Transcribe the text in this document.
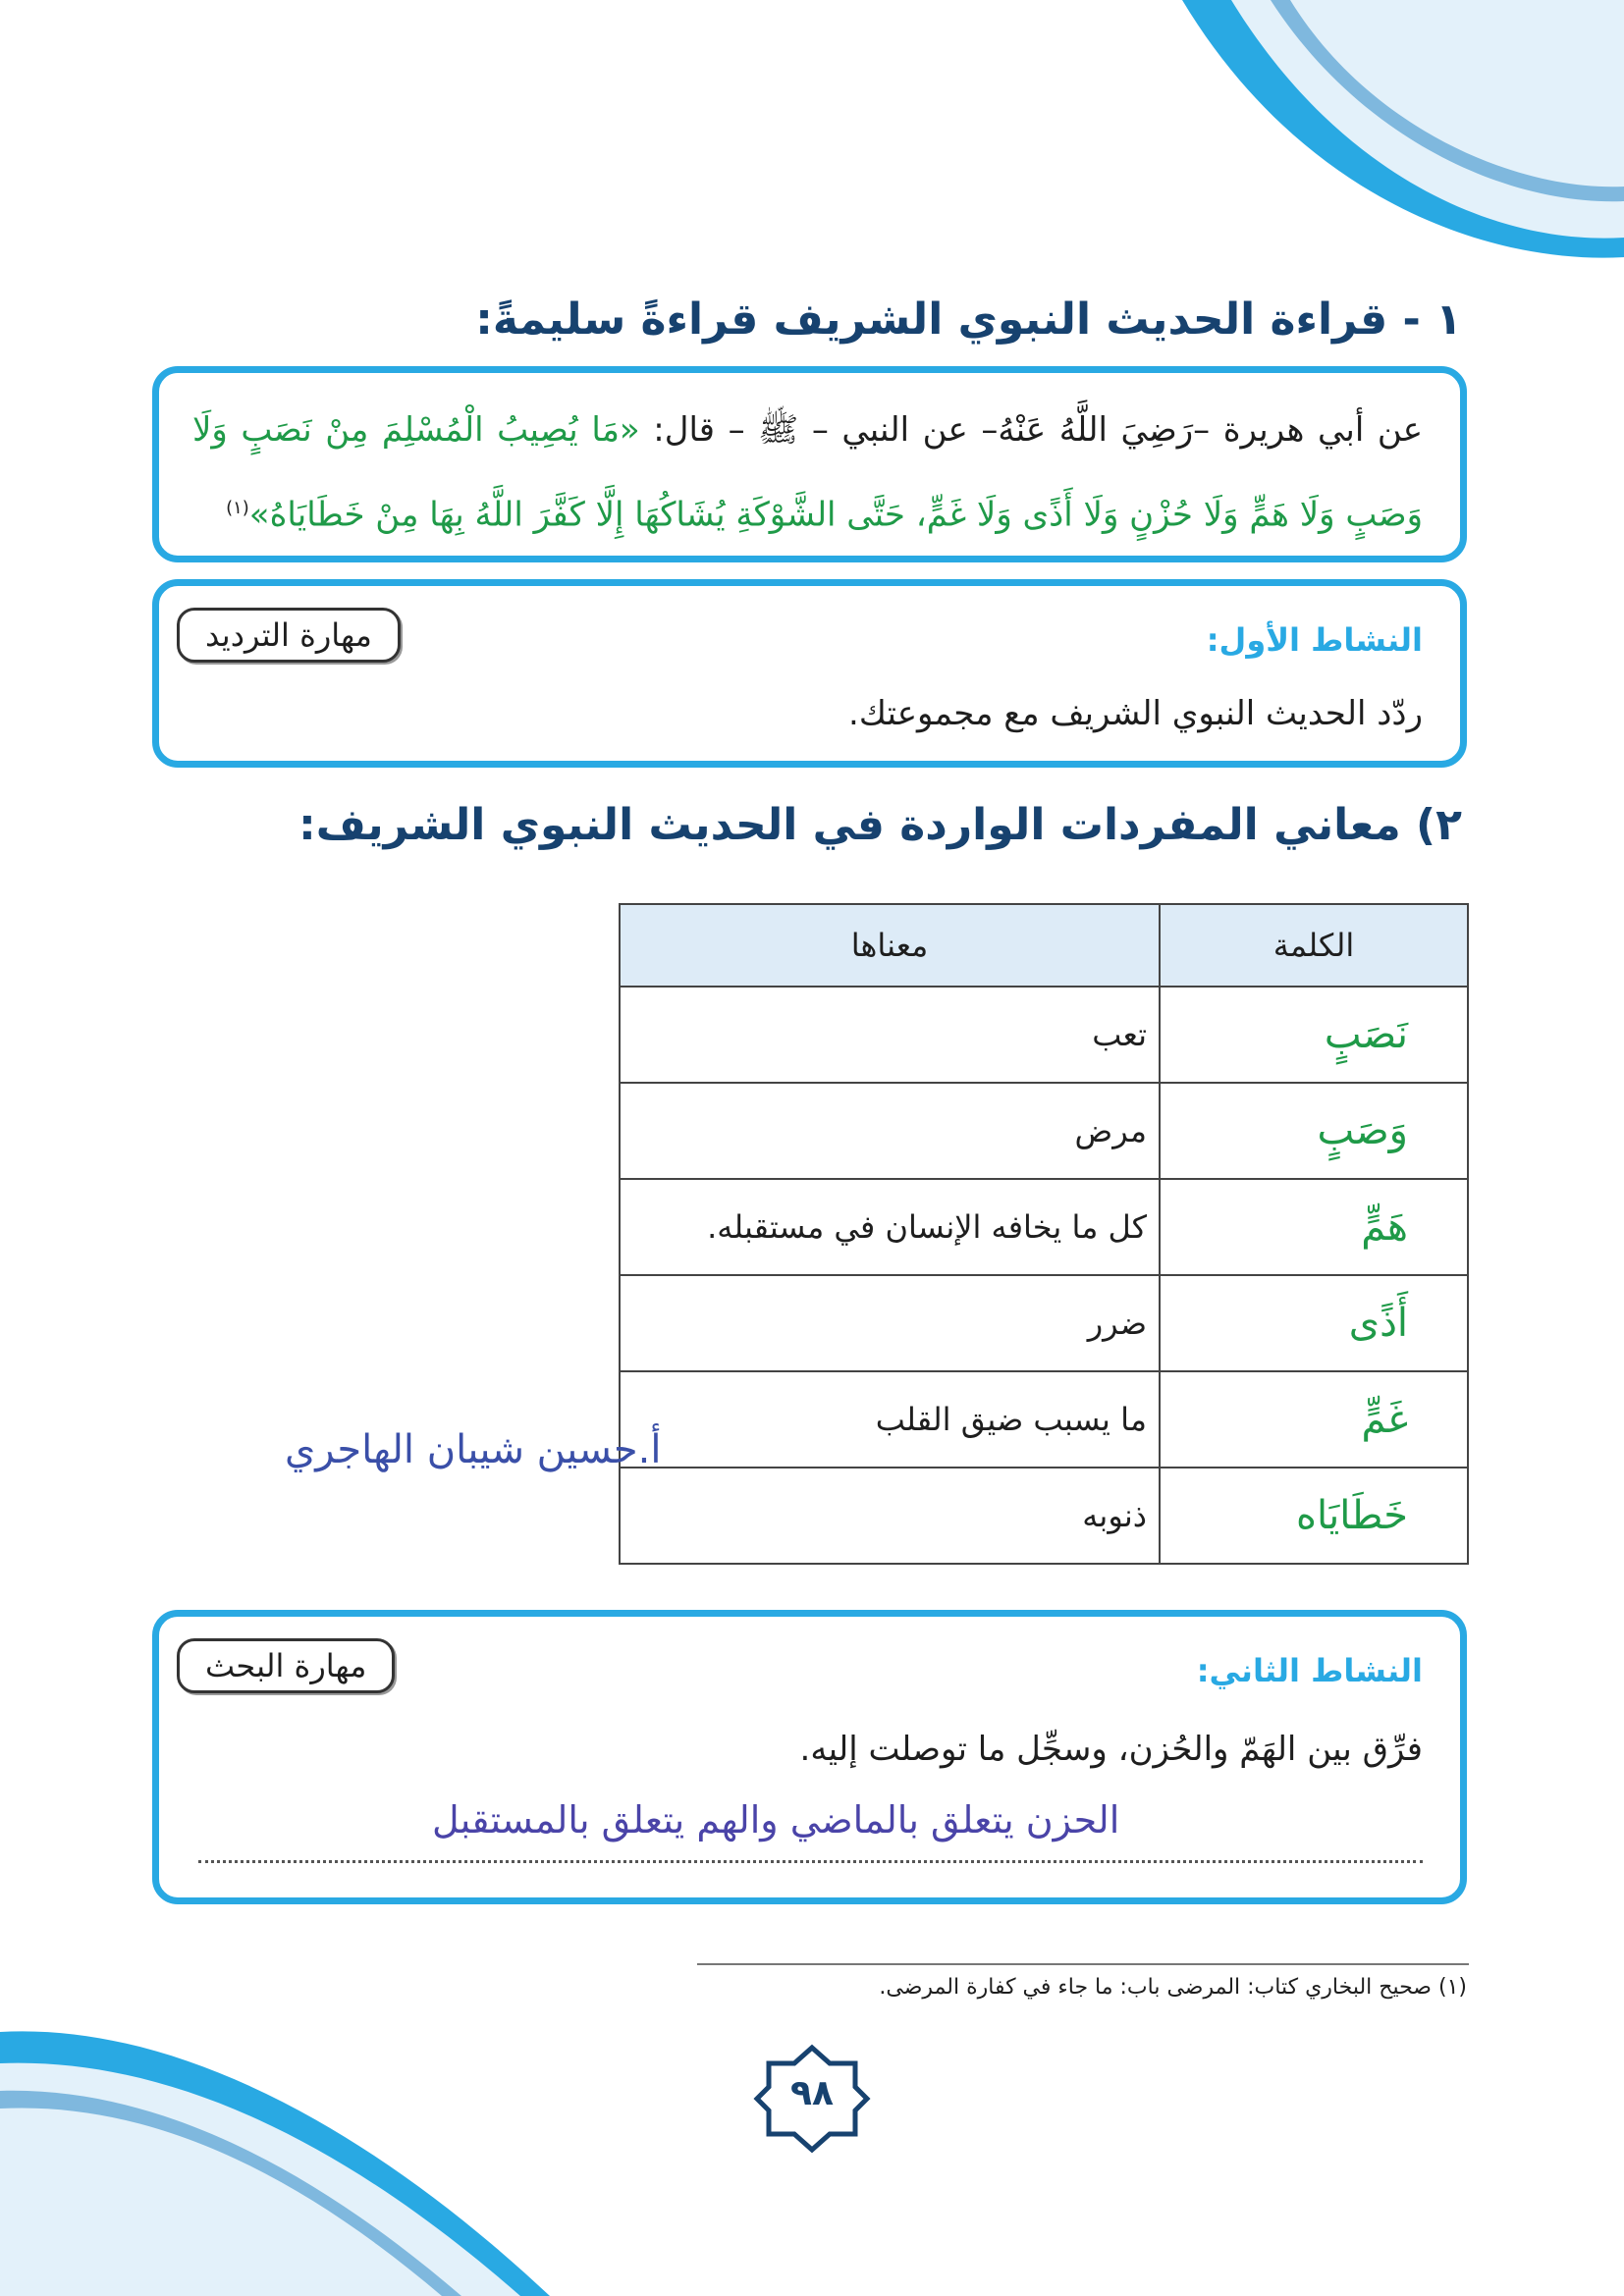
١ - قراءة الحديث النبوي الشريف قراءةً سليمةً:
عن أبي هريرة –رَضِيَ اللَّهُ عَنْهُ– عن النبي – ﷺ – قال: «مَا يُصِيبُ الْمُسْلِمَ مِنْ نَصَبٍ وَلَا وَصَبٍ وَلَا هَمٍّ وَلَا حُزْنٍ وَلَا أَذًى وَلَا غَمٍّ، حَتَّى الشَّوْكَةِ يُشَاكُهَا إِلَّا كَفَّرَ اللَّهُ بِهَا مِنْ خَطَايَاهُ»$^{(١)}$
النشاط الأول:
مهارة الترديد
ردّد الحديث النبوي الشريف مع مجموعتك.
٢) معاني المفردات الواردة في الحديث النبوي الشريف:
الكلمة	معناها
نَصَبٍ	تعب
وَصَبٍ	مرض
هَمٍّ	كل ما يخافه الإنسان في مستقبله.
أَذًى	ضرر
غَمٍّ	ما يسبب ضيق القلب
خَطَايَاه	ذنوبه
أ.حسين شيبان الهاجري
النشاط الثاني:
مهارة البحث
فرِّق بين الهَمّ والحُزن، وسجِّل ما توصلت إليه.
الحزن يتعلق بالماضي والهم يتعلق بالمستقبل
(١) صحيح البخاري كتاب: المرضى باب: ما جاء في كفارة المرضى.
٩٨
